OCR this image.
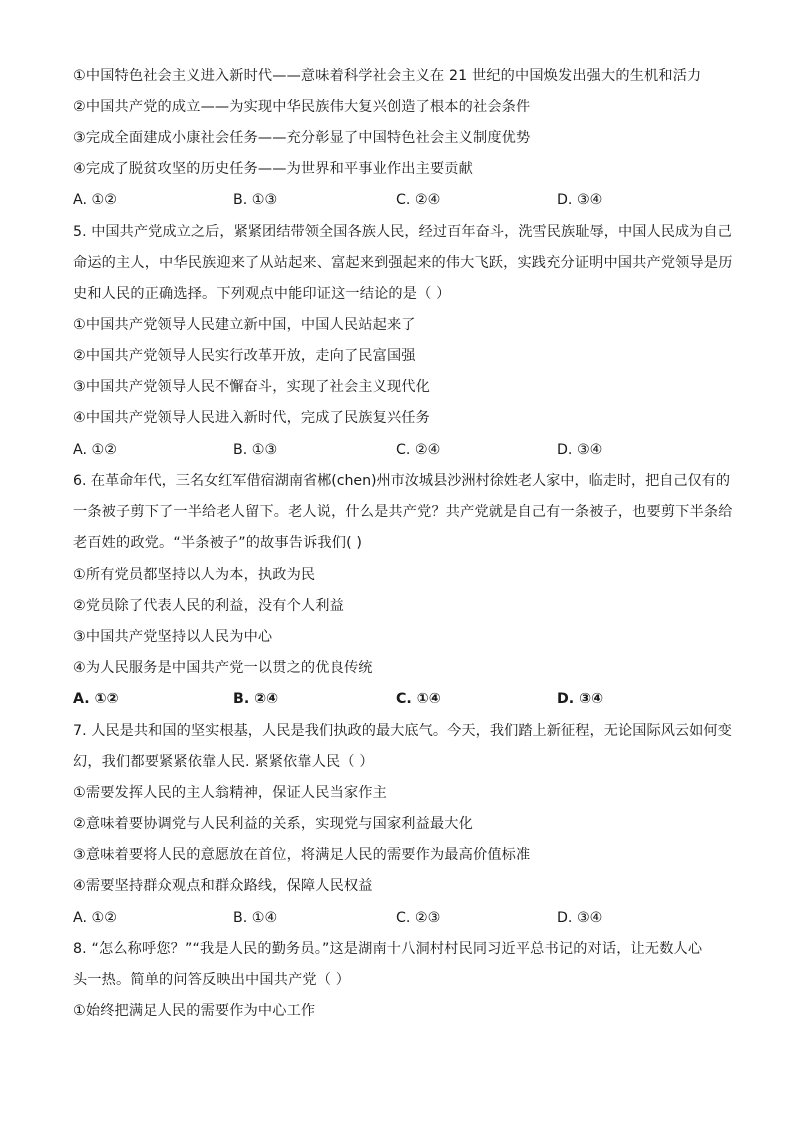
①中国特色社会主义进入新时代——意味着科学社会主义在 21 世纪的中国焕发出强大的生机和活力
②中国共产党的成立——为实现中华民族伟大复兴创造了根本的社会条件
③完成全面建成小康社会任务——充分彰显了中国特色社会主义制度优势
④完成了脱贫攻坚的历史任务——为世界和平事业作出主要贡献
A. ①②	B. ①③	C. ②④	D. ③④
5. 中国共产党成立之后，紧紧团结带领全国各族人民，经过百年奋斗，洗雪民族耻辱，中国人民成为自己
命运的主人，中华民族迎来了从站起来、富起来到强起来的伟大飞跃，实践充分证明中国共产党领导是历
史和人民的正确选择。下列观点中能印证这一结论的是（ ）
①中国共产党领导人民建立新中国，中国人民站起来了
②中国共产党领导人民实行改革开放，走向了民富国强
③中国共产党领导人民不懈奋斗，实现了社会主义现代化
④中国共产党领导人民进入新时代，完成了民族复兴任务
A. ①②	B. ①③	C. ②④	D. ③④
6. 在革命年代，三名女红军借宿湖南省郴(chen)州市汝城县沙洲村徐姓老人家中，临走时，把自己仅有的
一条被子剪下了一半给老人留下。老人说，什么是共产党？共产党就是自己有一条被子，也要剪下半条给
老百姓的政党。“半条被子”的故事告诉我们( )
①所有党员都坚持以人为本，执政为民
②党员除了代表人民的利益，没有个人利益
③中国共产党坚持以人民为中心
④为人民服务是中国共产党一以贯之的优良传统
A. ①②	B. ②④	C. ①④	D. ③④
7. 人民是共和国的坚实根基，人民是我们执政的最大底气。今天，我们踏上新征程，无论国际风云如何变
幻，我们都要紧紧依靠人民. 紧紧依靠人民（ ）
①需要发挥人民的主人翁精神，保证人民当家作主
②意味着要协调党与人民利益的关系，实现党与国家利益最大化
③意味着要将人民的意愿放在首位，将满足人民的需要作为最高价值标准
④需要坚持群众观点和群众路线，保障人民权益
A. ①②	B. ①④	C. ②③	D. ③④
8. “怎么称呼您？”“我是人民的勤务员。”这是湖南十八洞村村民同习近平总书记的对话，让无数人心
头一热。简单的问答反映出中国共产党（ ）
①始终把满足人民的需要作为中心工作
